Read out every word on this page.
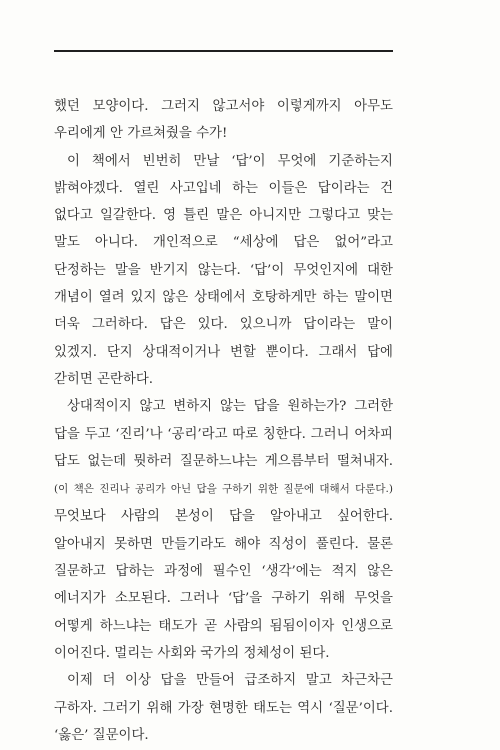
했던 모양이다. 그러지 않고서야 이렇게까지 아무도 우리에게 안 가르쳐줬을 수가!

이 책에서 빈번히 만날 ‘답’이 무엇에 기준하는지 밝혀야겠다. 열린 사고입네 하는 이들은 답이라는 건 없다고 일갈한다. 영 틀린 말은 아니지만 그렇다고 맞는 말도 아니다. 개인적으로 “세상에 답은 없어”라고 단정하는 말을 반기지 않는다. ‘답’이 무엇인지에 대한 개념이 열려 있지 않은 상태에서 호탕하게만 하는 말이면 더욱 그러하다. 답은 있다. 있으니까 답이라는 말이 있겠지. 단지 상대적이거나 변할 뿐이다. 그래서 답에 갇히면 곤란하다.

상대적이지 않고 변하지 않는 답을 원하는가? 그러한 답을 두고 ‘진리’나 ‘공리’라고 따로 칭한다. 그러니 어차피 답도 없는데 뭣하러 질문하느냐는 게으름부터 떨쳐내자. (이 책은 진리나 공리가 아닌 답을 구하기 위한 질문에 대해서 다룬다.) 무엇보다 사람의 본성이 답을 알아내고 싶어한다. 알아내지 못하면 만들기라도 해야 직성이 풀린다. 물론 질문하고 답하는 과정에 필수인 ‘생각’에는 적지 않은 에너지가 소모된다. 그러나 ‘답’을 구하기 위해 무엇을 어떻게 하느냐는 태도가 곧 사람의 됨됨이이자 인생으로 이어진다. 멀리는 사회와 국가의 정체성이 된다.

이제 더 이상 답을 만들어 급조하지 말고 차근차근 구하자. 그러기 위해 가장 현명한 태도는 역시 ‘질문’이다. ‘옳은’ 질문이다.
